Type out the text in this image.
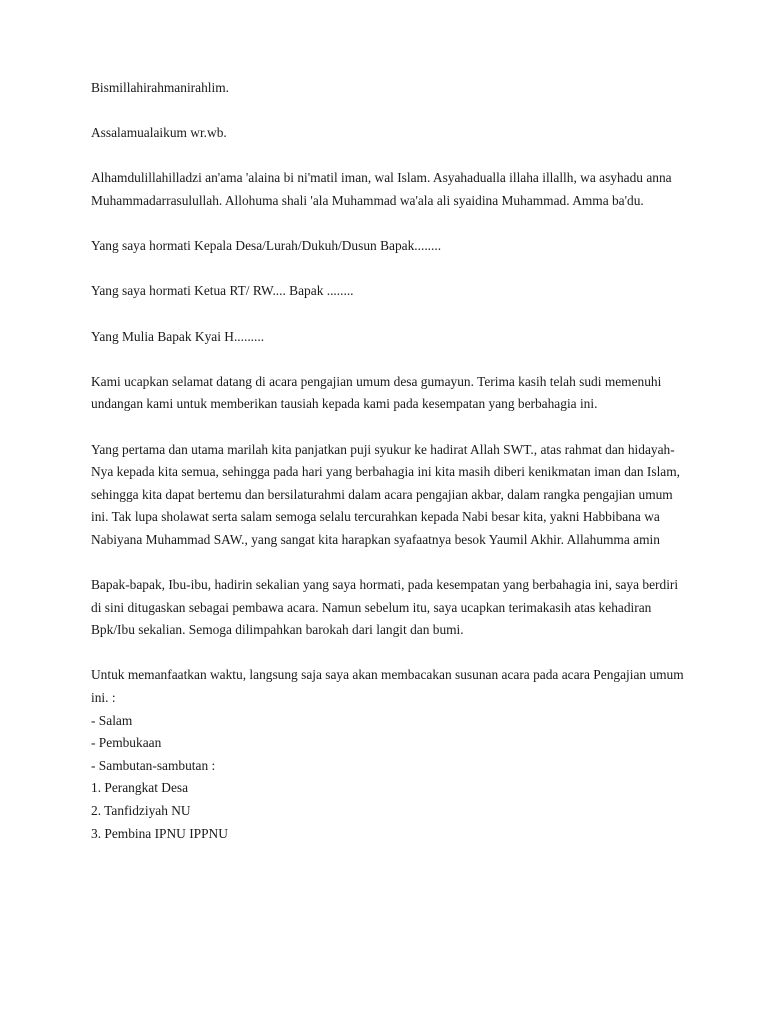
Bismillahirahmanirahlim.

Assalamualaikum wr.wb.

Alhamdulillahilladzi an'ama 'alaina bi ni'matil iman, wal Islam. Asyahadualla illaha illallh, wa asyhadu anna Muhammadarrasulullah. Allohuma shali 'ala Muhammad wa'ala ali syaidina Muhammad. Amma ba'du.

Yang saya hormati Kepala Desa/Lurah/Dukuh/Dusun Bapak........

Yang saya hormati Ketua RT/ RW.... Bapak ........

Yang Mulia Bapak Kyai H.........

Kami ucapkan selamat datang di acara pengajian umum desa gumayun. Terima kasih telah sudi memenuhi undangan kami untuk memberikan tausiah kepada kami pada kesempatan yang berbahagia ini.

Yang pertama dan utama marilah kita panjatkan puji syukur ke hadirat Allah SWT., atas rahmat dan hidayah-Nya kepada kita semua, sehingga pada hari yang berbahagia ini kita masih diberi kenikmatan iman dan Islam, sehingga kita dapat bertemu dan bersilaturahmi dalam acara pengajian akbar, dalam rangka pengajian umum ini. Tak lupa sholawat serta salam semoga selalu tercurahkan kepada Nabi besar kita, yakni Habbibana wa Nabiyana Muhammad SAW., yang sangat kita harapkan syafaatnya besok Yaumil Akhir. Allahumma amin

Bapak-bapak, Ibu-ibu, hadirin sekalian yang saya hormati, pada kesempatan yang berbahagia ini, saya berdiri di sini ditugaskan sebagai pembawa acara. Namun sebelum itu, saya ucapkan terimakasih atas kehadiran Bpk/Ibu sekalian. Semoga dilimpahkan barokah dari langit dan bumi.

Untuk memanfaatkan waktu, langsung saja saya akan membacakan susunan acara pada acara Pengajian umum ini. :
- Salam
- Pembukaan
- Sambutan-sambutan :
1. Perangkat Desa
2. Tanfidziyah NU
3. Pembina IPNU IPPNU
